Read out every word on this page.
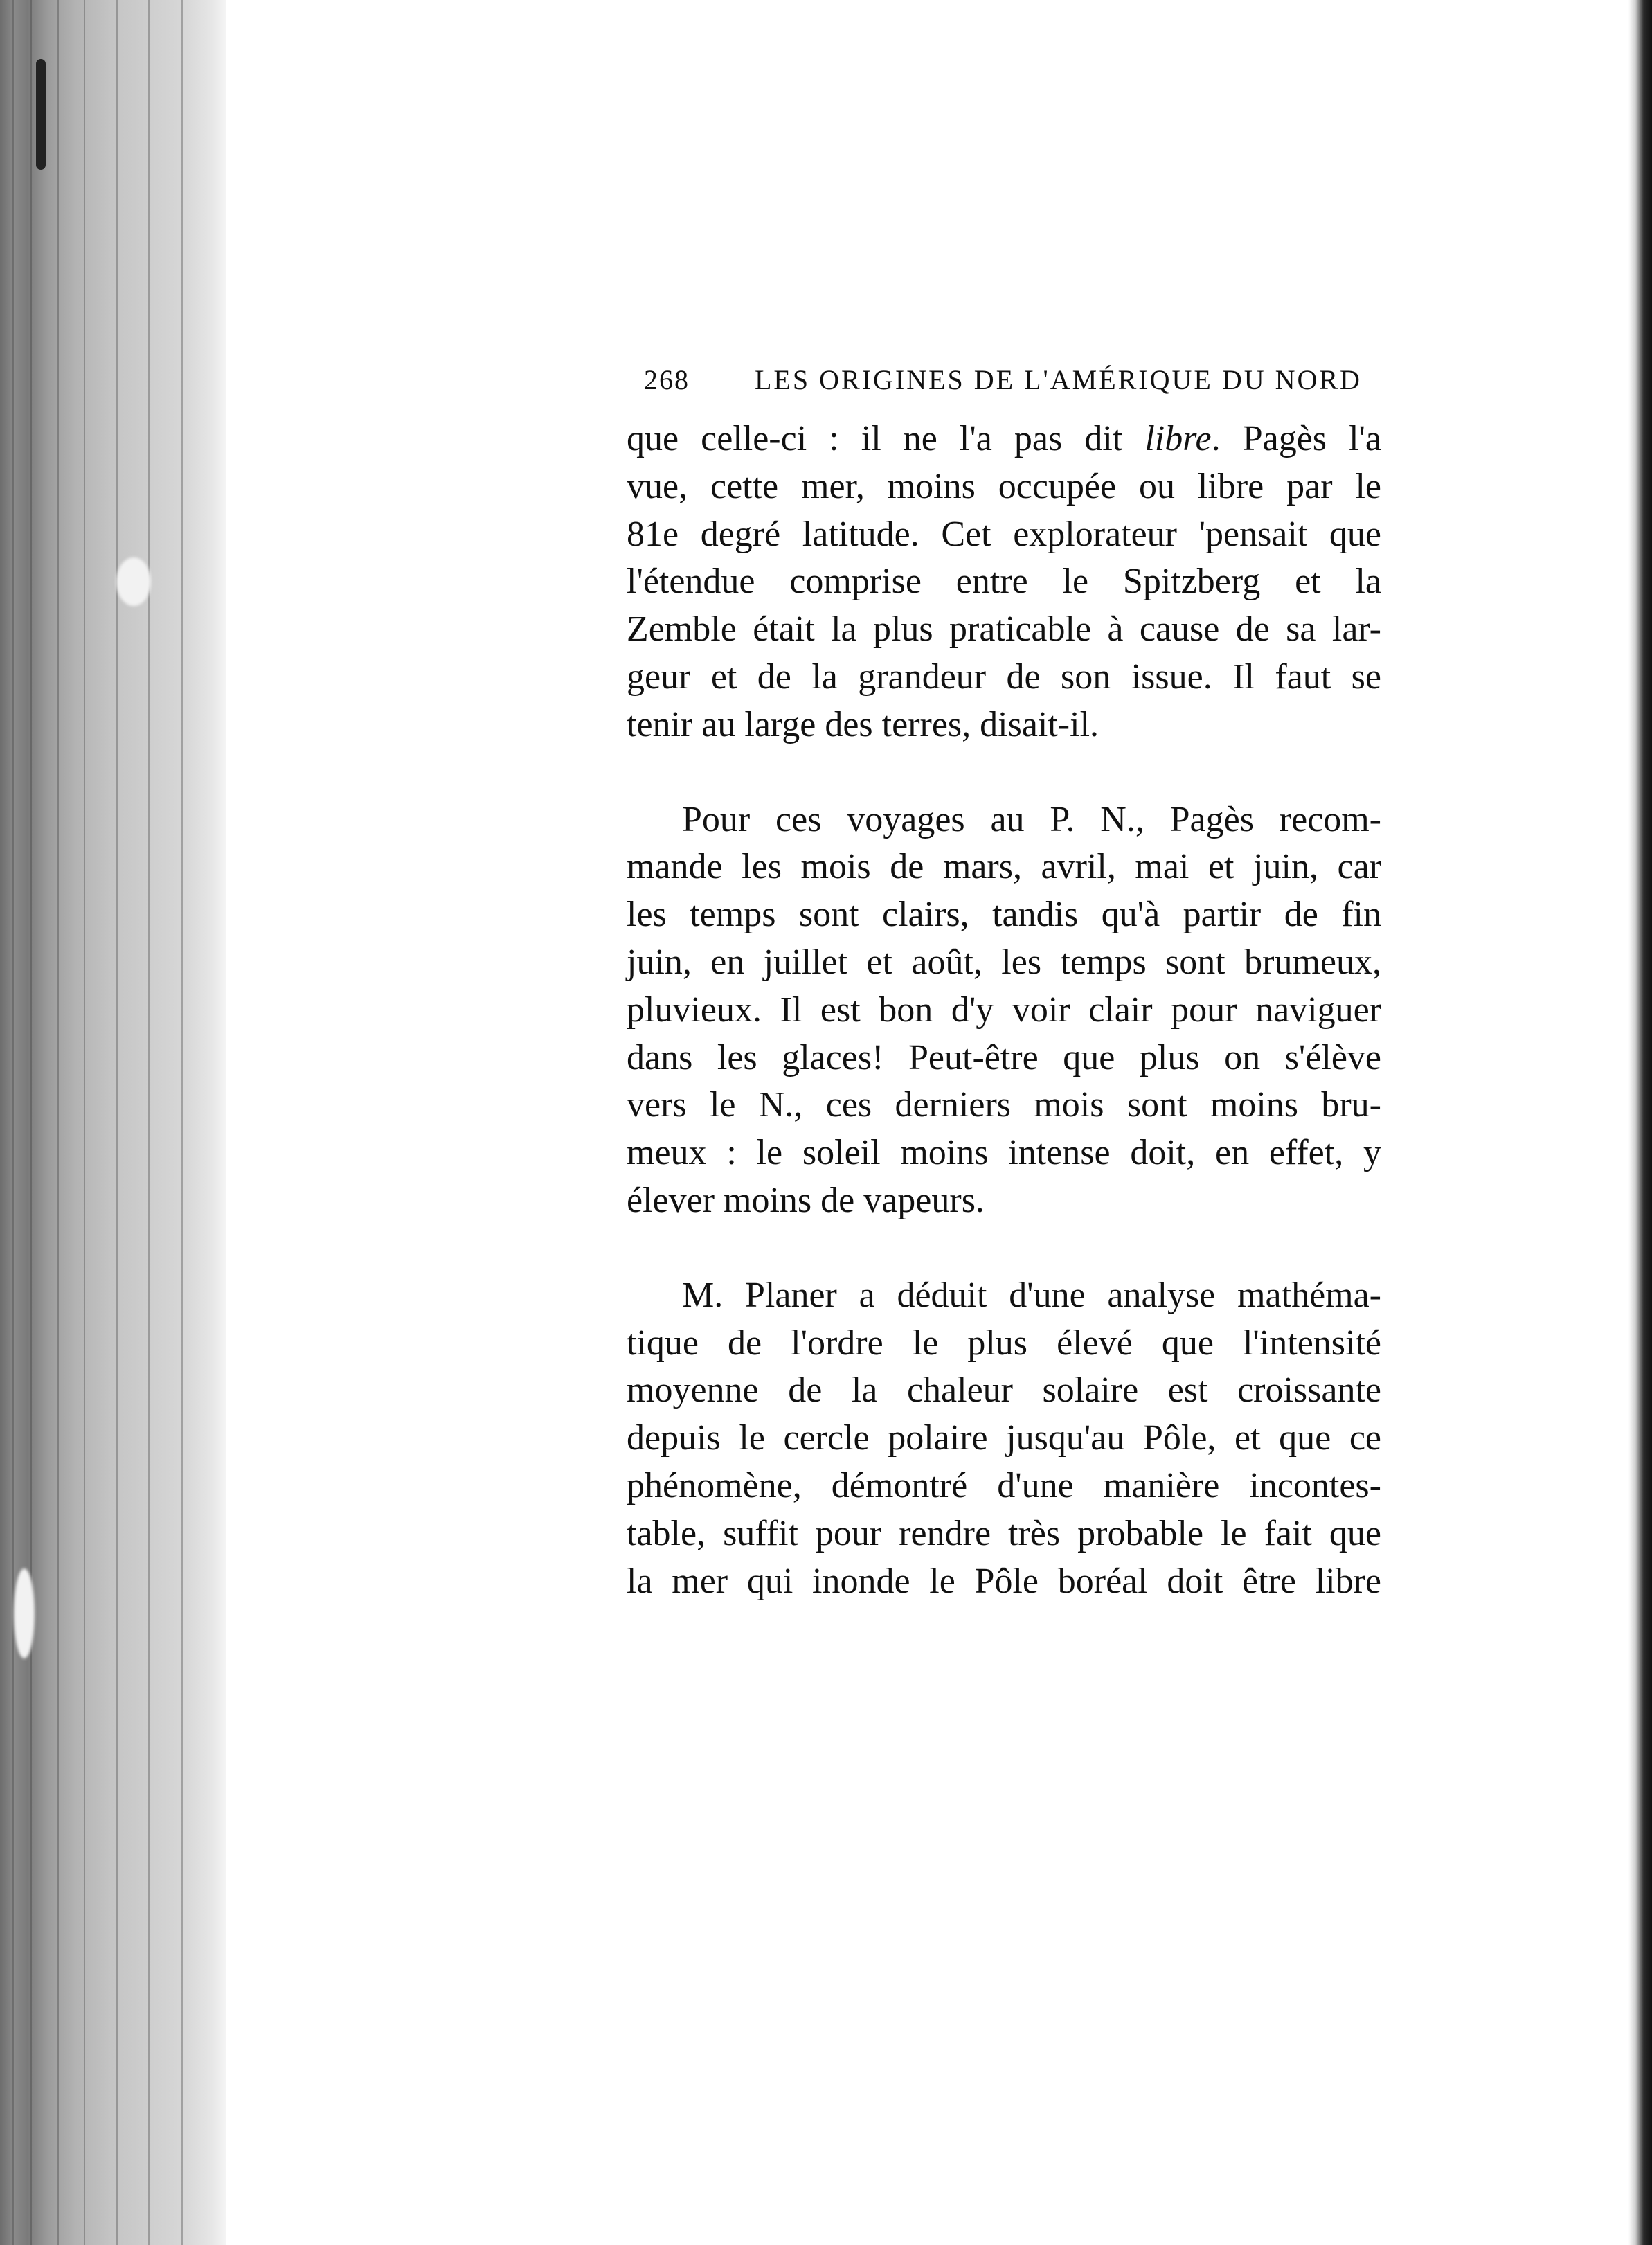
268 LES ORIGINES DE L'AMÉRIQUE DU NORD
que celle-ci : il ne l'a pas dit libre. Pagès l'a
vue, cette mer, moins occupée ou libre par le
81e degré latitude. Cet explorateur 'pensait que
l'étendue comprise entre le Spitzberg et la
Zemble était la plus praticable à cause de sa lar-
geur et de la grandeur de son issue. Il faut se
tenir au large des terres, disait-il.
Pour ces voyages au P. N., Pagès recom-
mande les mois de mars, avril, mai et juin, car
les temps sont clairs, tandis qu'à partir de fin
juin, en juillet et août, les temps sont brumeux,
pluvieux. Il est bon d'y voir clair pour naviguer
dans les glaces! Peut-être que plus on s'élève
vers le N., ces derniers mois sont moins bru-
meux : le soleil moins intense doit, en effet, y
élever moins de vapeurs.
M. Planer a déduit d'une analyse mathéma-
tique de l'ordre le plus élevé que l'intensité
moyenne de la chaleur solaire est croissante
depuis le cercle polaire jusqu'au Pôle, et que ce
phénomène, démontré d'une manière incontes-
table, suffit pour rendre très probable le fait que
la mer qui inonde le Pôle boréal doit être libre
